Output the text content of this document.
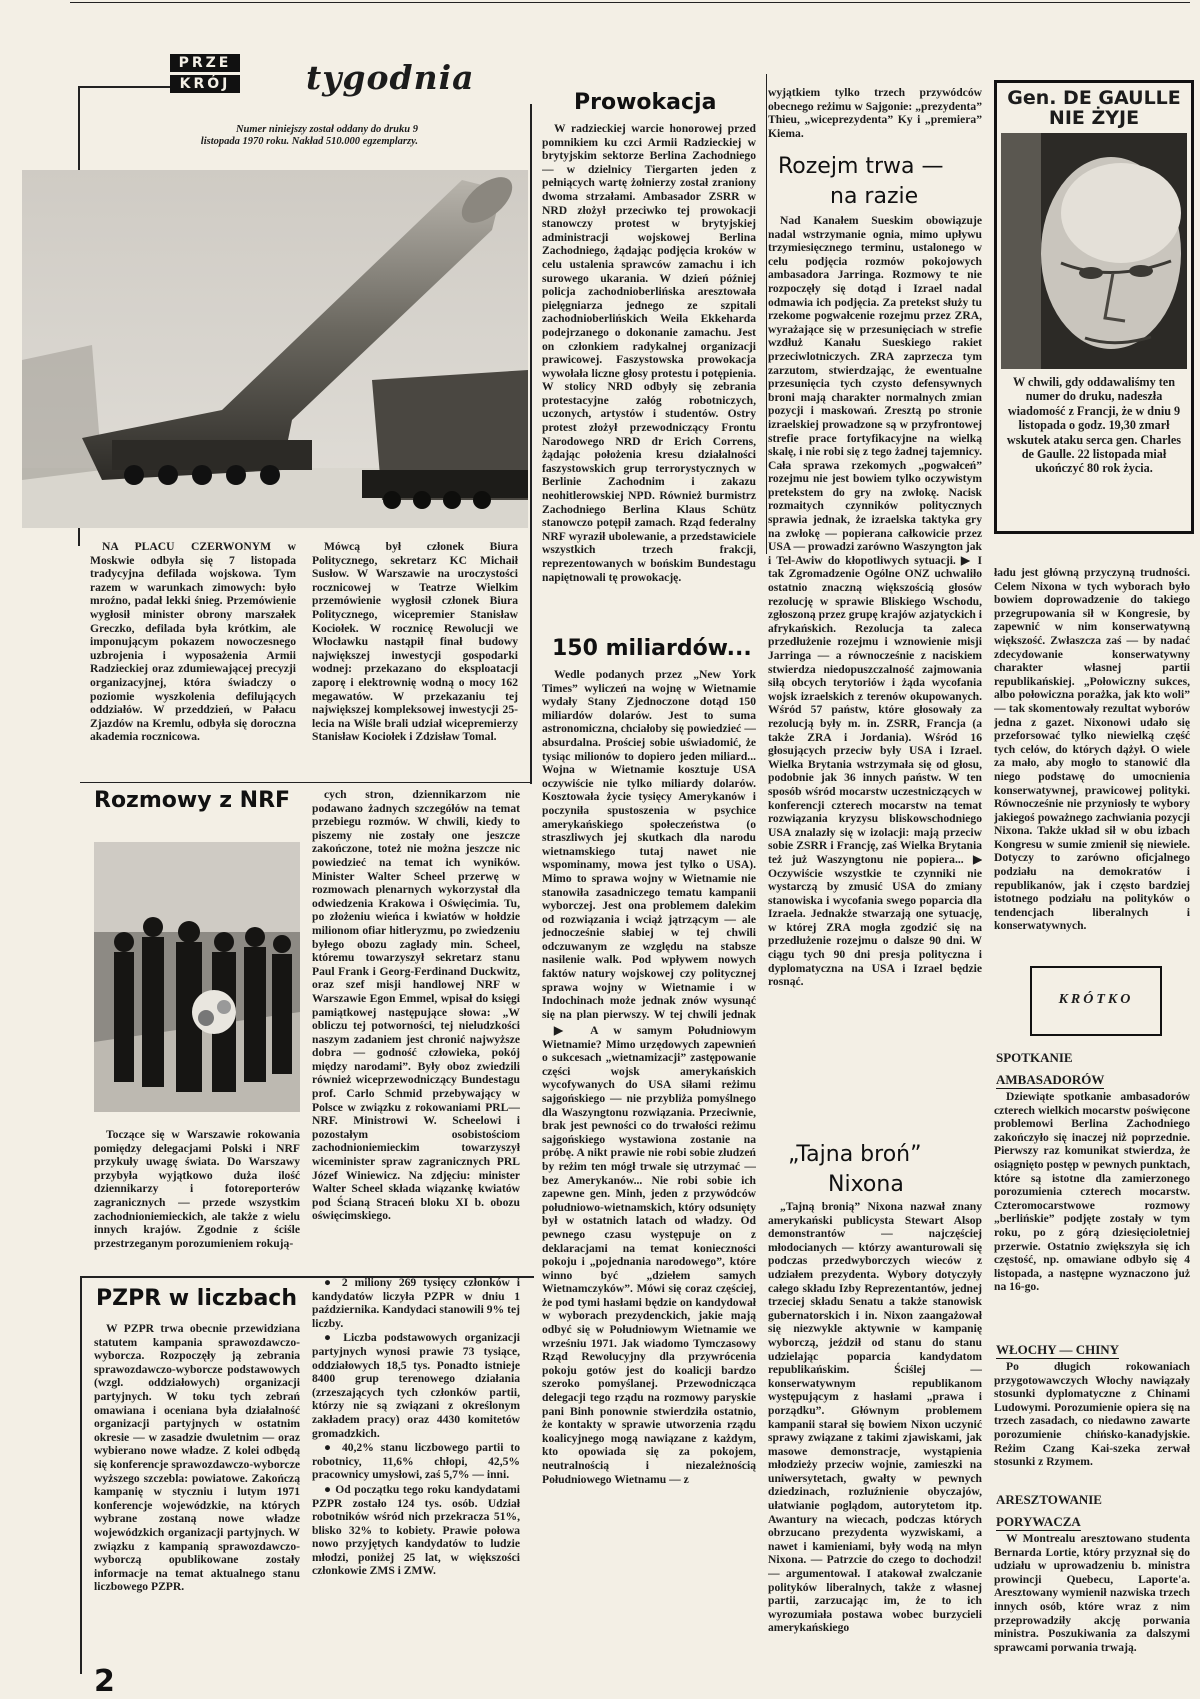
PRZE
KRÓJ tygodnia
Numer niniejszy został oddany do druku 9 listopada 1970 roku. Nakład 510.000 egzemplarzy.

NA PLACU CZERWONYM w Moskwie odbyła się 7 listopada tradycyjna defilada wojskowa. Tym razem w warunkach zimowych: było mroźno, padał lekki śnieg. Przemówienie wygłosił minister obrony marszałek Greczko, defilada była krótkim, ale imponującym pokazem nowoczesnego uzbrojenia i wyposażenia Armii Radzieckiej oraz zdumiewającej precyzji organizacyjnej, która świadczy o poziomie wyszkolenia defilujących oddziałów. W przeddzień, w Pałacu Zjazdów na Kremlu, odbyła się doroczna akademia rocznicowa.

Mówcą był członek Biura Politycznego, sekretarz KC Michaił Susłow. W Warszawie na uroczystości rocznicowej w Teatrze Wielkim przemówienie wygłosił członek Biura Politycznego, wicepremier Stanisław Kociołek. W rocznicę Rewolucji we Włocławku nastąpił finał budowy największej inwestycji gospodarki wodnej: przekazano do eksploatacji zaporę i elektrownię wodną o mocy 162 megawatów. W przekazaniu tej największej kompleksowej inwestycji 25-lecia na Wiśle brali udział wicepremierzy Stanisław Kociołek i Zdzisław Tomal.

Rozmowy z NRF

Toczące się w Warszawie rokowania pomiędzy delegacjami Polski i NRF przykuły uwagę świata. Do Warszawy przybyła wyjątkowo duża ilość dziennikarzy i fotoreporterów zagranicznych — przede wszystkim zachodnioniemieckich, ale także z wielu innych krajów. Zgodnie z ściśle przestrzeganym porozumieniem rokują-

cych stron, dziennikarzom nie podawano żadnych szczegółów na temat przebiegu rozmów. W chwili, kiedy to piszemy nie zostały one jeszcze zakończone, toteż nie można jeszcze nic powiedzieć na temat ich wyników. Minister Walter Scheel przerwę w rozmowach plenarnych wykorzystał dla odwiedzenia Krakowa i Oświęcimia. Tu, po złożeniu wieńca i kwiatów w hołdzie milionom ofiar hitleryzmu, po zwiedzeniu byłego obozu zagłady min. Scheel, któremu towarzyszył sekretarz stanu Paul Frank i Georg-Ferdinand Duckwitz, oraz szef misji handlowej NRF w Warszawie Egon Emmel, wpisał do księgi pamiątkowej następujące słowa: „W obliczu tej potworności, tej nieludzkości naszym zadaniem jest chronić najwyższe dobra — godność człowieka, pokój między narodami”. Były oboz zwiedzili również wiceprzewodniczący Bundestagu prof. Carlo Schmid przebywający w Polsce w związku z rokowaniami PRL—NRF. Ministrowi W. Scheelowi i pozostałym osobistościom zachodnioniemieckim towarzyszył wiceminister spraw zagranicznych PRL Józef Winiewicz. Na zdjęciu: minister Walter Scheel składa wiązankę kwiatów pod Ścianą Straceń bloku XI b. obozu oświęcimskiego.

PZPR w liczbach

W PZPR trwa obecnie przewidziana statutem kampania sprawozdawczo-wyborcza. Rozpoczęły ją zebrania sprawozdawczo-wyborcze podstawowych (wzgl. oddziałowych) organizacji partyjnych. W toku tych zebrań omawiana i oceniana była działalność organizacji partyjnych w ostatnim okresie — w zasadzie dwuletnim — oraz wybierano nowe władze. Z kolei odbędą się konferencje sprawozdawczo-wyborcze wyższego szczebla: powiatowe. Zakończą kampanię w styczniu i lutym 1971 konferencje wojewódzkie, na których wybrane zostaną nowe władze wojewódzkich organizacji partyjnych. W związku z kampanią sprawozdawczo-wyborczą opublikowane zostały informacje na temat aktualnego stanu liczbowego PZPR.

● 2 miliony 269 tysięcy członków i kandydatów liczyła PZPR w dniu 1 października. Kandydaci stanowili 9% tej liczby.

● Liczba podstawowych organizacji partyjnych wynosi prawie 73 tysiące, oddziałowych 18,5 tys. Ponadto istnieje 8400 grup terenowego działania (zrzeszających tych członków partii, którzy nie są związani z określonym zakładem pracy) oraz 4430 komitetów gromadzkich.

● 40,2% stanu liczbowego partii to robotnicy, 11,6% chłopi, 42,5% pracownicy umysłowi, zaś 5,7% — inni.

● Od początku tego roku kandydatami PZPR zostało 124 tys. osób. Udział robotników wśród nich przekracza 51%, blisko 32% to kobiety. Prawie połowa nowo przyjętych kandydatów to ludzie młodzi, poniżej 25 lat, w większości członkowie ZMS i ZMW.

2
Prowokacja

W radzieckiej warcie honorowej przed pomnikiem ku czci Armii Radzieckiej w brytyjskim sektorze Berlina Zachodniego — w dzielnicy Tiergarten jeden z pełniących wartę żołnierzy został zraniony dwoma strzałami. Ambasador ZSRR w NRD złożył przeciwko tej prowokacji stanowczy protest w brytyjskiej administracji wojskowej Berlina Zachodniego, żądając podjęcia kroków w celu ustalenia sprawców zamachu i ich surowego ukarania. W dzień później policja zachodnioberlińska aresztowała pielęgniarza jednego ze szpitali zachodnioberlińskich Weila Ekkeharda podejrzanego o dokonanie zamachu. Jest on członkiem radykalnej organizacji prawicowej. Faszystowska prowokacja wywołała liczne głosy protestu i potępienia. W stolicy NRD odbyły się zebrania protestacyjne załóg robotniczych, uczonych, artystów i studentów. Ostry protest złożył przewodniczący Frontu Narodowego NRD dr Erich Correns, żądając położenia kresu działalności faszystowskich grup terrorystycznych w Berlinie Zachodnim i zakazu neohitlerowskiej NPD. Również burmistrz Zachodniego Berlina Klaus Schütz stanowczo potępił zamach. Rząd federalny NRF wyraził ubolewanie, a przedstawiciele wszystkich trzech frakcji, reprezentowanych w bońskim Bundestagu napiętnowali tę prowokację.

150 miliardów...

Wedle podanych przez „New York Times” wyliczeń na wojnę w Wietnamie wydały Stany Zjednoczone dotąd 150 miliardów dolarów. Jest to suma astronomiczna, chciałoby się powiedzieć — absurdalna. Prościej sobie uświadomić, że tysiąc milionów to dopiero jeden miliard... Wojna w Wietnamie kosztuje USA oczywiście nie tylko miliardy dolarów. Kosztowała życie tysięcy Amerykanów i poczyniła spustoszenia w psychice amerykańskiego społeczeństwa (o straszliwych jej skutkach dla narodu wietnamskiego tutaj nawet nie wspominamy, mowa jest tylko o USA). Mimo to sprawa wojny w Wietnamie nie stanowiła zasadniczego tematu kampanii wyborczej. Jest ona problemem dalekim od rozwiązania i wciąż jątrzącym — ale jednocześnie słabiej w tej chwili odczuwanym ze względu na stabsze nasilenie walk. Pod wpływem nowych faktów natury wojskowej czy politycznej sprawa wojny w Wietnamie i w Indochinach może jednak znów wysunąć się na plan pierwszy. W tej chwili jednak

▶ A w samym Południowym Wietnamie? Mimo urzędowych zapewnień o sukcesach „wietnamizacji” zastępowanie części wojsk amerykańskich wycofywanych do USA siłami reżimu sajgońskiego — nie przybliża pomyślnego dla Waszyngtonu rozwiązania. Przeciwnie, brak jest pewności co do trwałości reżimu sajgońskiego wystawiona zostanie na próbę. A nikt prawie nie robi sobie złudzeń by reżim ten mógł trwale się utrzymać — bez Amerykanów... Nie robi sobie ich zapewne gen. Minh, jeden z przywódców południowo-wietnamskich, który odsunięty był w ostatnich latach od władzy. Od pewnego czasu występuje on z deklaracjami na temat konieczności pokoju i „pojednania narodowego”, które winno być „dziełem samych Wietnamczyków”. Mówi się coraz częściej, że pod tymi hasłami będzie on kandydował w wyborach prezydenckich, jakie mają odbyć się w Południowym Wietnamie we wrześniu 1971. Jak wiadomo Tymczasowy Rząd Rewolucyjny dla przywrócenia pokoju gotów jest do koalicji bardzo szeroko pomyślanej. Przewodnicząca delegacji tego rządu na rozmowy paryskie pani Binh ponownie stwierdziła ostatnio, że kontakty w sprawie utworzenia rządu koalicyjnego mogą nawiązane z każdym, kto opowiada się za pokojem, neutralnością i niezależnością Południowego Wietnamu — z

wyjątkiem tylko trzech przywódców obecnego reżimu w Sajgonie: „prezydenta” Thieu, „wiceprezydenta” Ky i „premiera” Kiema.

Rozejm trwa —
na razie

Nad Kanałem Sueskim obowiązuje nadal wstrzymanie ognia, mimo upływu trzymiesięcznego terminu, ustalonego w celu podjęcia rozmów pokojowych ambasadora Jarringa. Rozmowy te nie rozpoczęły się dotąd i Izrael nadal odmawia ich podjęcia. Za pretekst służy tu rzekome pogwałcenie rozejmu przez ZRA, wyrażające się w przesunięciach w strefie wzdłuż Kanału Sueskiego rakiet przeciwlotniczych. ZRA zaprzecza tym zarzutom, stwierdzając, że ewentualne przesunięcia tych czysto defensywnych broni mają charakter normalnych zmian pozycji i maskowań. Zresztą po stronie izraelskiej prowadzone są w przyfrontowej strefie prace fortyfikacyjne na wielką skalę, i nie robi się z tego żadnej tajemnicy. Cała sprawa rzekomych „pogwałceń” rozejmu nie jest bowiem tylko oczywistym pretekstem do gry na zwłokę. Nacisk rozmaitych czynników politycznych sprawia jednak, że izraelska taktyka gry na zwłokę — popierana całkowicie przez USA — prowadzi zarówno Waszyngton jak i Tel-Awiw do kłopotliwych sytuacji. ▶ I tak Zgromadzenie Ogólne ONZ uchwaliło ostatnio znaczną większością głosów rezolucję w sprawie Bliskiego Wschodu, zgłoszoną przez grupę krajów azjatyckich i afrykańskich. Rezolucja ta zaleca przedłużenie rozejmu i wznowienie misji Jarringa — a równocześnie z naciskiem stwierdza niedopuszczalność zajmowania siłą obcych terytoriów i żąda wycofania wojsk izraelskich z terenów okupowanych. Wśród 57 państw, które głosowały za rezolucją były m. in. ZSRR, Francja (a także ZRA i Jordania). Wśród 16 głosujących przeciw były USA i Izrael. Wielka Brytania wstrzymała się od głosu, podobnie jak 36 innych państw. W ten sposób wśród mocarstw uczestniczących w konferencji czterech mocarstw na temat rozwiązania kryzysu bliskowschodniego USA znalazły się w izolacji: mają przeciw sobie ZSRR i Francję, zaś Wielka Brytania też już Waszyngtonu nie popiera... ▶ Oczywiście wszystkie te czynniki nie wystarczą by zmusić USA do zmiany stanowiska i wycofania swego poparcia dla Izraela. Jednakże stwarzają one sytuację, w której ZRA mogła zgodzić się na przedłużenie rozejmu o dalsze 90 dni. W ciągu tych 90 dni presja polityczna i dyplomatyczna na USA i Izrael będzie rosnąć.

„Tajna broń”
Nixona

„Tajną bronią” Nixona nazwał znany amerykański publicysta Stewart Alsop demonstrantów — najczęściej młodocianych — którzy awanturowali się podczas przedwyborczych wieców z udziałem prezydenta. Wybory dotyczyły całego składu Izby Reprezentantów, jednej trzeciej składu Senatu a także stanowisk gubernatorskich i in. Nixon zaangażował się niezwykle aktywnie w kampanię wyborczą, jeździł od stanu do stanu udzielając poparcia kandydatom republikańskim. Ściślej — konserwatywnym republikanom występującym z hasłami „prawa i porządku”. Głównym problemem kampanii starał się bowiem Nixon uczynić sprawy związane z takimi zjawiskami, jak masowe demonstracje, wystąpienia młodzieży przeciw wojnie, zamieszki na uniwersytetach, gwałty w pewnych dziedzinach, rozluźnienie obyczajów, ułatwianie poglądom, autorytetom itp. Awantury na wiecach, podczas których obrzucano prezydenta wyzwiskami, a nawet i kamieniami, były wodą na młyn Nixona. — Patrzcie do czego to dochodzi! — argumentował. I atakował zwalczanie polityków liberalnych, także z własnej partii, zarzucając im, że to ich wyrozumiała postawa wobec burzycieli amerykańskiego

Gen. DE GAULLE
NIE ŻYJE

W chwili, gdy oddawaliśmy ten numer do druku, nadeszła wiadomość z Francji, że w dniu 9 listopada o godz. 19,30 zmarł wskutek ataku serca gen. Charles de Gaulle. 22 listopada miał ukończyć 80 rok życia.

ładu jest główną przyczyną trudności. Celem Nixona w tych wyborach było bowiem doprowadzenie do takiego przegrupowania sił w Kongresie, by zapewnić w nim konserwatywną większość. Zwłaszcza zaś — by nadać zdecydowanie konserwatywny charakter własnej partii republikańskiej. „Połowiczny sukces, albo połowiczna porażka, jak kto woli” — tak skomentowały rezultat wyborów jedna z gazet. Nixonowi udało się przeforsować tylko niewielką część tych celów, do których dążył. O wiele za mało, aby mogło to stanowić dla niego podstawę do umocnienia konserwatywnej, prawicowej polityki. Równocześnie nie przyniosły te wybory jakiegoś poważnego zachwiania pozycji Nixona. Także układ sił w obu izbach Kongresu w sumie zmienił się niewiele. Dotyczy to zarówno oficjalnego podziału na demokratów i republikanów, jak i często bardziej istotnego podziału na polityków o tendencjach liberalnych i konserwatywnych.

KRÓTKO
SPOTKANIE
AMBASADORÓW

Dziewiąte spotkanie ambasadorów czterech wielkich mocarstw poświęcone problemowi Berlina Zachodniego zakończyło się inaczej niż poprzednie. Pierwszy raz komunikat stwierdza, że osiągnięto postęp w pewnych punktach, które są istotne dla zamierzonego porozumienia czterech mocarstw. Czteromocarstwowe rozmowy „berlińskie” podjęte zostały w tym roku, po z górą dziesięcioletniej przerwie. Ostatnio zwiększyła się ich częstość, np. omawiane odbyło się 4 listopada, a następne wyznaczono już na 16-go.

WŁOCHY — CHINY

Po długich rokowaniach przygotowawczych Włochy nawiązały stosunki dyplomatyczne z Chinami Ludowymi. Porozumienie opiera się na trzech zasadach, co niedawno zawarte porozumienie chińsko-kanadyjskie. Reżim Czang Kai-szeka zerwał stosunki z Rzymem.

ARESZTOWANIE
PORYWACZA

W Montrealu aresztowano studenta Bernarda Lortie, który przyznał się do udziału w uprowadzeniu b. ministra prowincji Quebecu, Laporte'a. Aresztowany wymienił nazwiska trzech innych osób, które wraz z nim przeprowadziły akcję porwania ministra. Poszukiwania za dalszymi sprawcami porwania trwają.
